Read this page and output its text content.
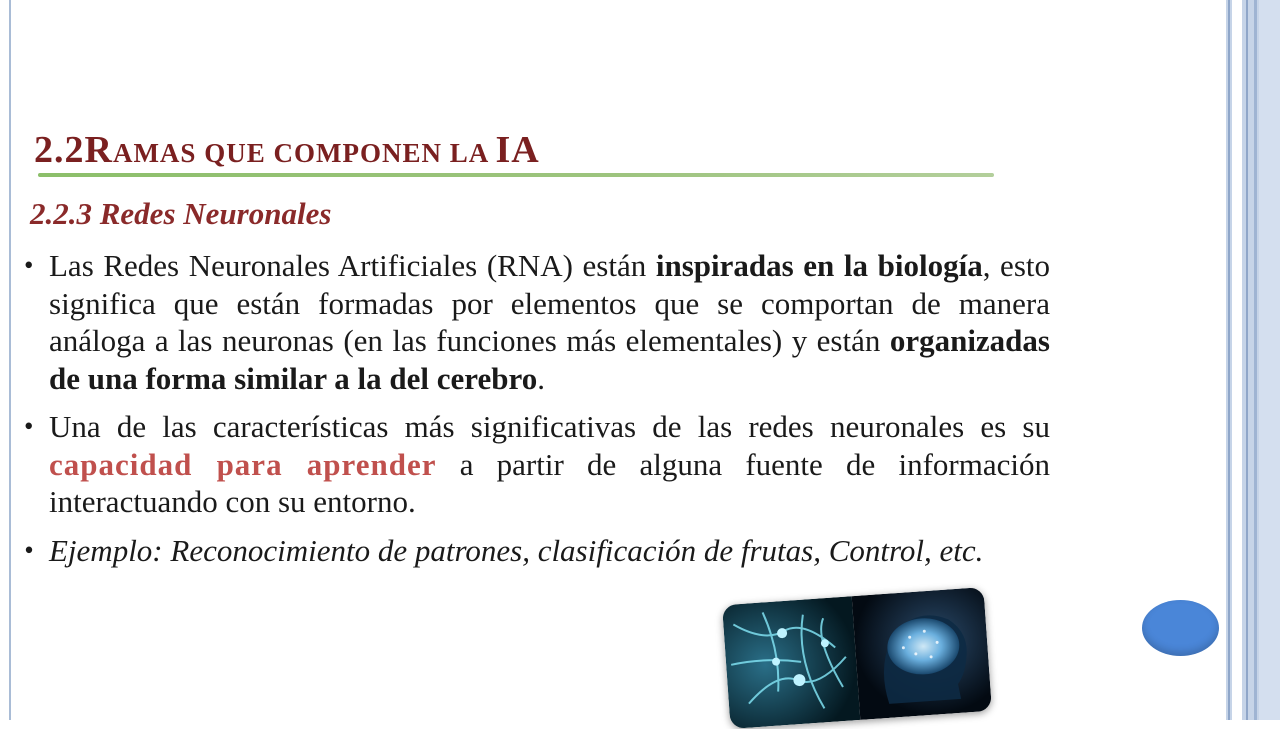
2.2RAMAS QUE COMPONEN LA IA
2.2.3 Redes Neuronales

• Las Redes Neuronales Artificiales (RNA) están inspiradas en la biología, esto significa que están formadas por elementos que se comportan de manera análoga a las neuronas (en las funciones más elementales) y están organizadas de una forma similar a la del cerebro.

• Una de las características más significativas de las redes neuronales es su capacidad para aprender a partir de alguna fuente de información interactuando con su entorno.

• Ejemplo: Reconocimiento de patrones, clasificación de frutas, Control, etc.
